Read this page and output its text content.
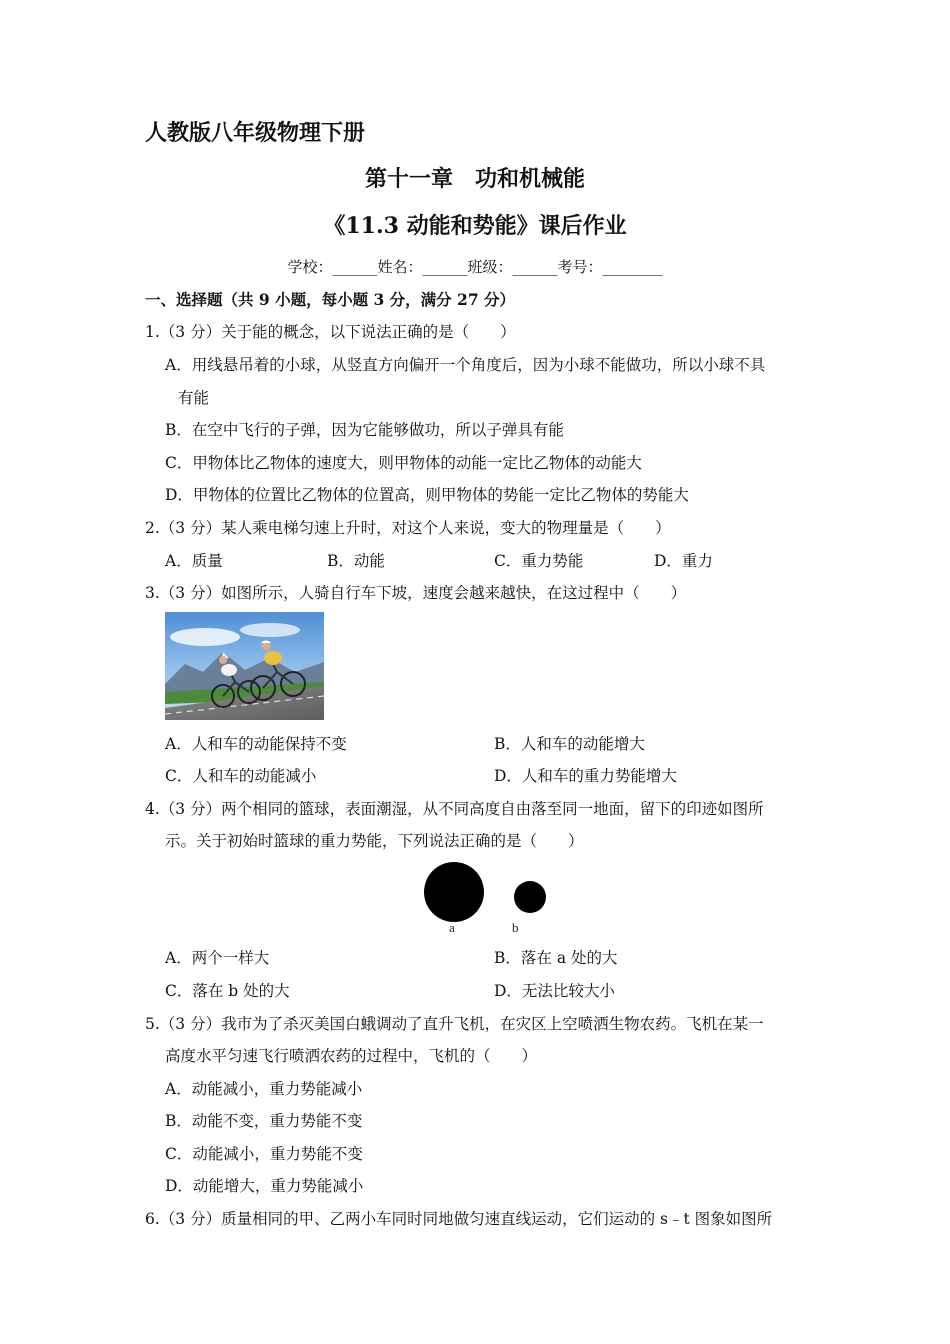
人教版八年级物理下册
第十一章　功和机械能
《11.3 动能和势能》课后作业
学校：______姓名：______班级：______考号：________
一、选择题（共 9 小题，每小题 3 分，满分 27 分）
1.（3 分）关于能的概念，以下说法正确的是（　　）
A．用线悬吊着的小球，从竖直方向偏开一个角度后，因为小球不能做功，所以小球不具
有能
B．在空中飞行的子弹，因为它能够做功，所以子弹具有能
C．甲物体比乙物体的速度大，则甲物体的动能一定比乙物体的动能大
D．甲物体的位置比乙物体的位置高，则甲物体的势能一定比乙物体的势能大
2.（3 分）某人乘电梯匀速上升时，对这个人来说，变大的物理量是（　　）
A．质量	B．动能	C．重力势能	D．重力
3.（3 分）如图所示，人骑自行车下坡，速度会越来越快，在这过程中（　　）
A．人和车的动能保持不变	B．人和车的动能增大
C．人和车的动能减小	D．人和车的重力势能增大
4.（3 分）两个相同的篮球，表面潮湿，从不同高度自由落至同一地面，留下的印迹如图所
示。关于初始时篮球的重力势能，下列说法正确的是（　　）
a	b
A．两个一样大	B．落在 a 处的大
C．落在 b 处的大	D．无法比较大小
5.（3 分）我市为了杀灭美国白蛾调动了直升飞机，在灾区上空喷洒生物农药。飞机在某一
高度水平匀速飞行喷洒农药的过程中，飞机的（　　）
A．动能减小，重力势能减小
B．动能不变，重力势能不变
C．动能减小，重力势能不变
D．动能增大，重力势能减小
6.（3 分）质量相同的甲、乙两小车同时同地做匀速直线运动，它们运动的 s﹣t 图象如图所
